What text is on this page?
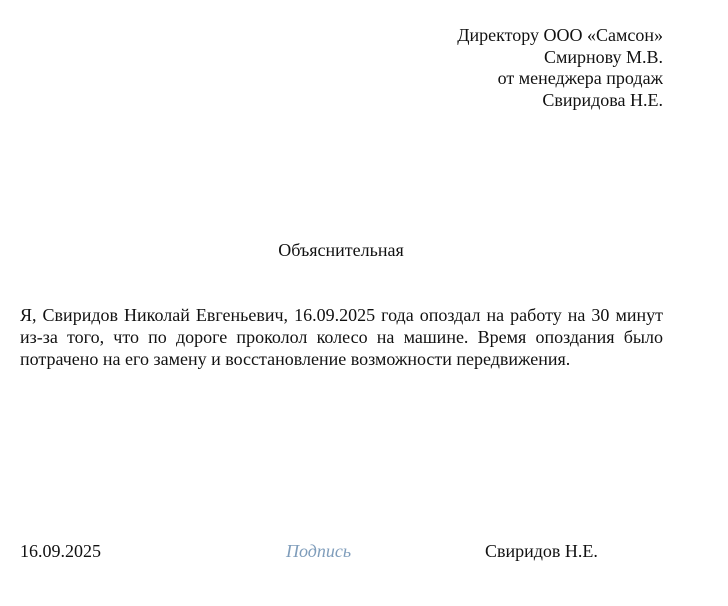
Директору ООО «Самсон»
Смирнову М.В.
от менеджера продаж
Свиридова Н.Е.
Объяснительная

Я, Свиридов Николай Евгеньевич, 16.09.2025 года опоздал на работу на 30 минут из-за того, что по дороге проколол колесо на машине. Время опоздания было потрачено на его замену и восстановление возможности передвижения.

16.09.2025	Подпись	Свиридов Н.Е.
